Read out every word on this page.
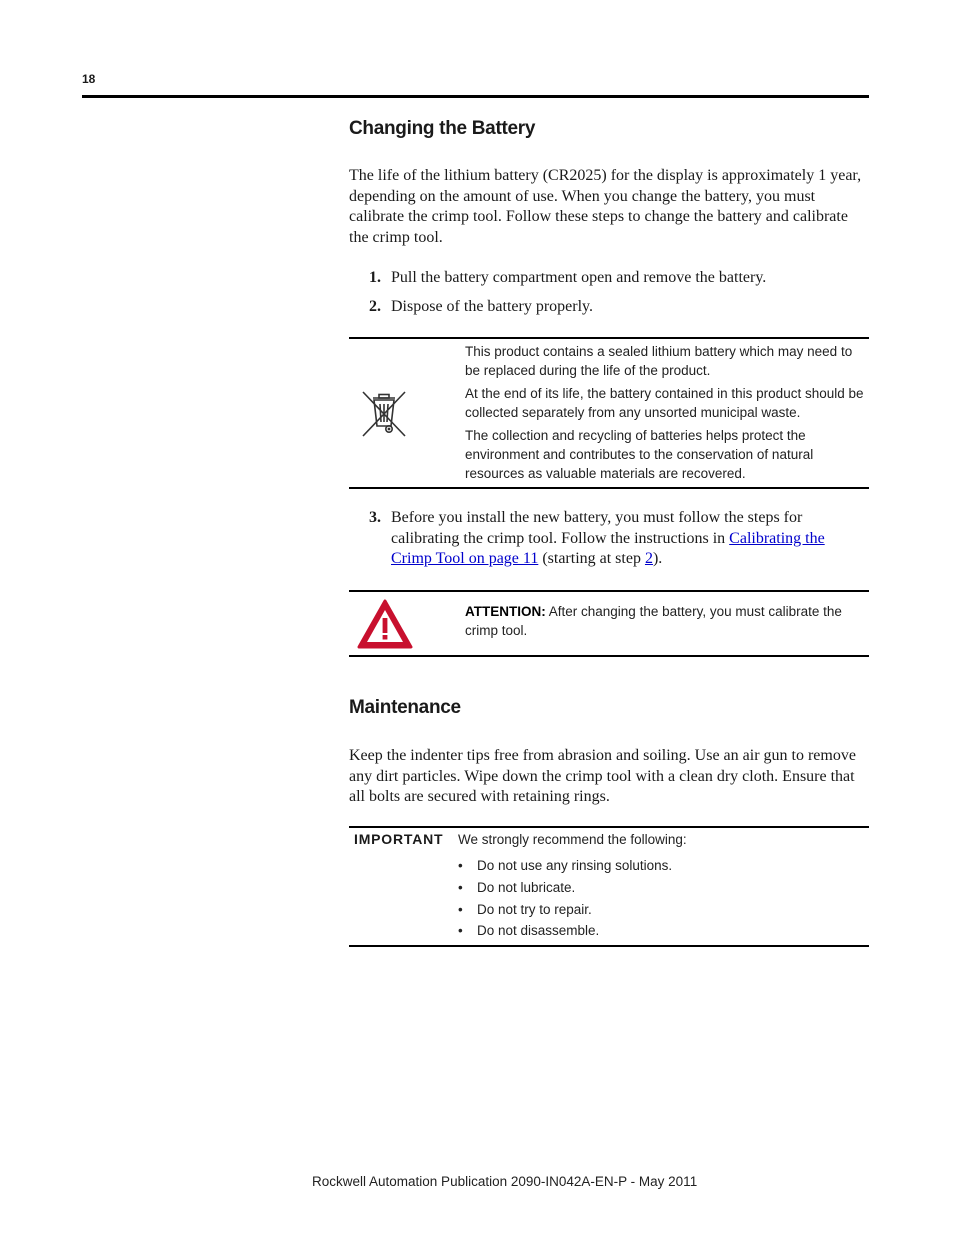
18
Changing the Battery

The life of the lithium battery (CR2025) for the display is approximately 1 year, depending on the amount of use. When you change the battery, you must calibrate the crimp tool. Follow these steps to change the battery and calibrate the crimp tool.

1. Pull the battery compartment open and remove the battery.
2. Dispose of the battery properly.

This product contains a sealed lithium battery which may need to be replaced during the life of the product.

At the end of its life, the battery contained in this product should be collected separately from any unsorted municipal waste.

The collection and recycling of batteries helps protect the environment and contributes to the conservation of natural resources as valuable materials are recovered.

3. Before you install the new battery, you must follow the steps for calibrating the crimp tool. Follow the instructions in Calibrating the Crimp Tool on page 11 (starting at step 2).
ATTENTION: After changing the battery, you must calibrate the crimp tool.
Maintenance

Keep the indenter tips free from abrasion and soiling. Use an air gun to remove any dirt particles. Wipe down the crimp tool with a clean dry cloth. Ensure that all bolts are secured with retaining rings.

IMPORTANT We strongly recommend the following:
• Do not use any rinsing solutions.
• Do not lubricate.
• Do not try to repair.
• Do not disassemble.
Rockwell Automation Publication 2090-IN042A-EN-P - May 2011
